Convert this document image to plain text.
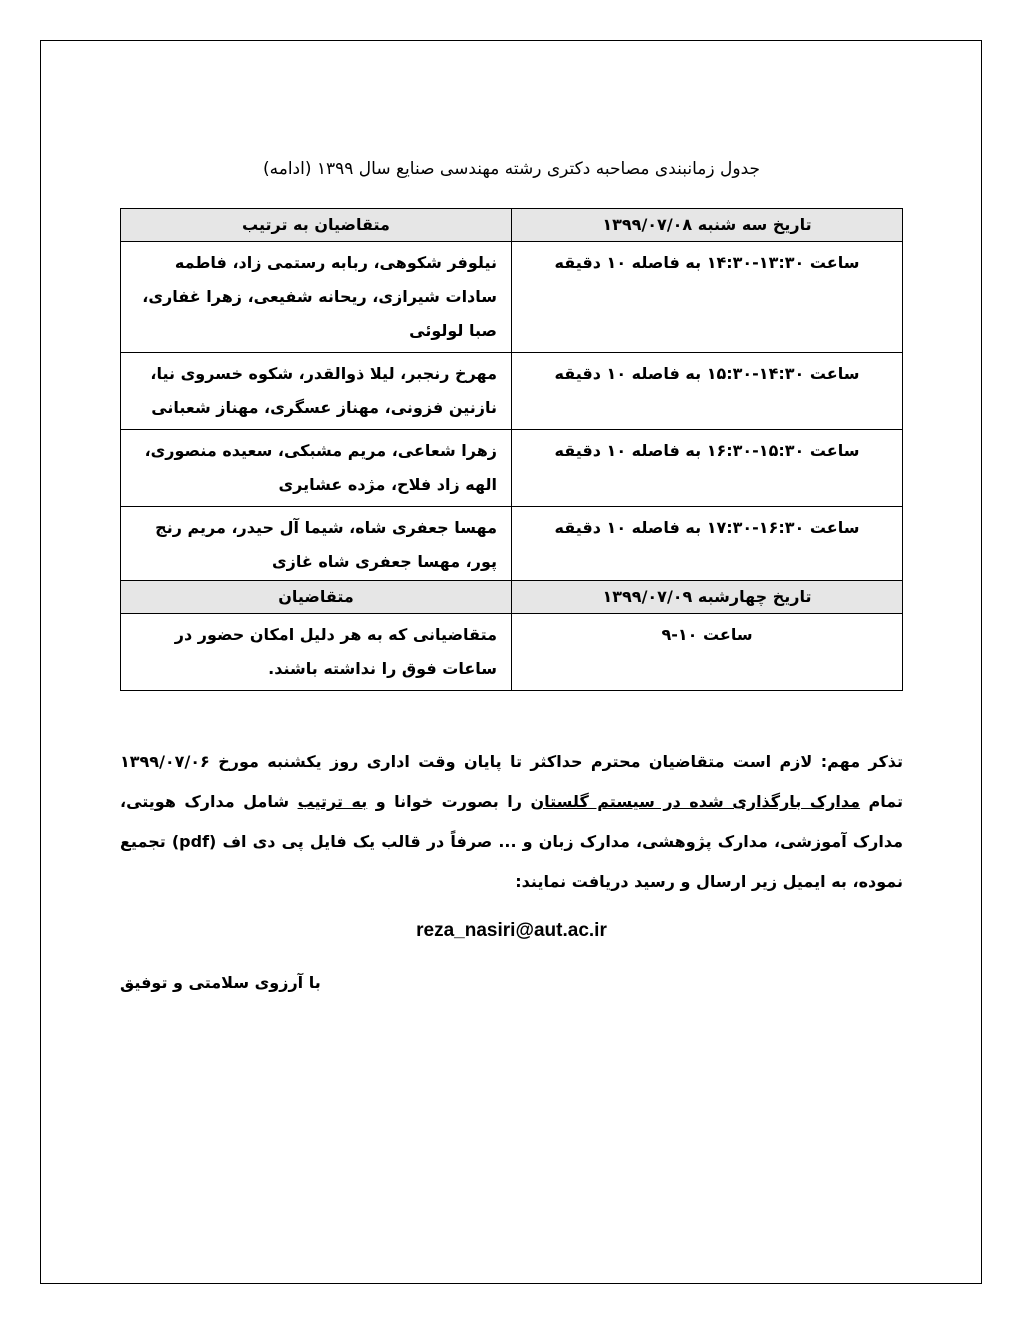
جدول زمانبندی مصاحبه دکتری رشته مهندسی صنایع سال ۱۳۹۹ (ادامه)
تاریخ سه شنبه ۱۳۹۹/۰۷/۰۸	متقاضیان به ترتیب
ساعت ۱۳:۳۰-۱۴:۳۰ به فاصله ۱۰ دقیقه	نیلوفر شکوهی، ربابه رستمی زاد، فاطمه سادات شیرازی، ریحانه شفیعی، زهرا غفاری، صبا لولوئی
ساعت ۱۴:۳۰-۱۵:۳۰ به فاصله ۱۰ دقیقه	مهرخ رنجبر، لیلا ذوالقدر، شکوه خسروی نیا، نازنین فزونی، مهناز عسگری، مهناز شعبانی
ساعت ۱۵:۳۰-۱۶:۳۰ به فاصله ۱۰ دقیقه	زهرا شعاعی، مریم مشبکی، سعیده منصوری، الهه زاد فلاح، مژده عشایری
ساعت ۱۶:۳۰-۱۷:۳۰ به فاصله ۱۰ دقیقه	مهسا جعفری شاه، شیما آل حیدر، مریم رنج پور، مهسا جعفری شاه غازی
تاریخ چهارشبه ۱۳۹۹/۰۷/۰۹	متقاضیان
ساعت ۱۰-۹	متقاضیانی که به هر دلیل امکان حضور در ساعات فوق را نداشته باشند.
تذکر مهم: لازم است متقاضیان محترم حداکثر تا پایان وقت اداری روز یکشنبه مورخ ۱۳۹۹/۰۷/۰۶ تمام مدارک بارگذاری شده در سیستم گلستان را بصورت خوانا و به ترتیب شامل مدارک هویتی، مدارک آموزشی، مدارک پژوهشی، مدارک زبان و ... صرفاً در قالب یک فایل پی دی اف (pdf) تجمیع نموده، به ایمیل زیر ارسال و رسید دریافت نمایند:
reza_nasiri@aut.ac.ir
با آرزوی سلامتی و توفیق
